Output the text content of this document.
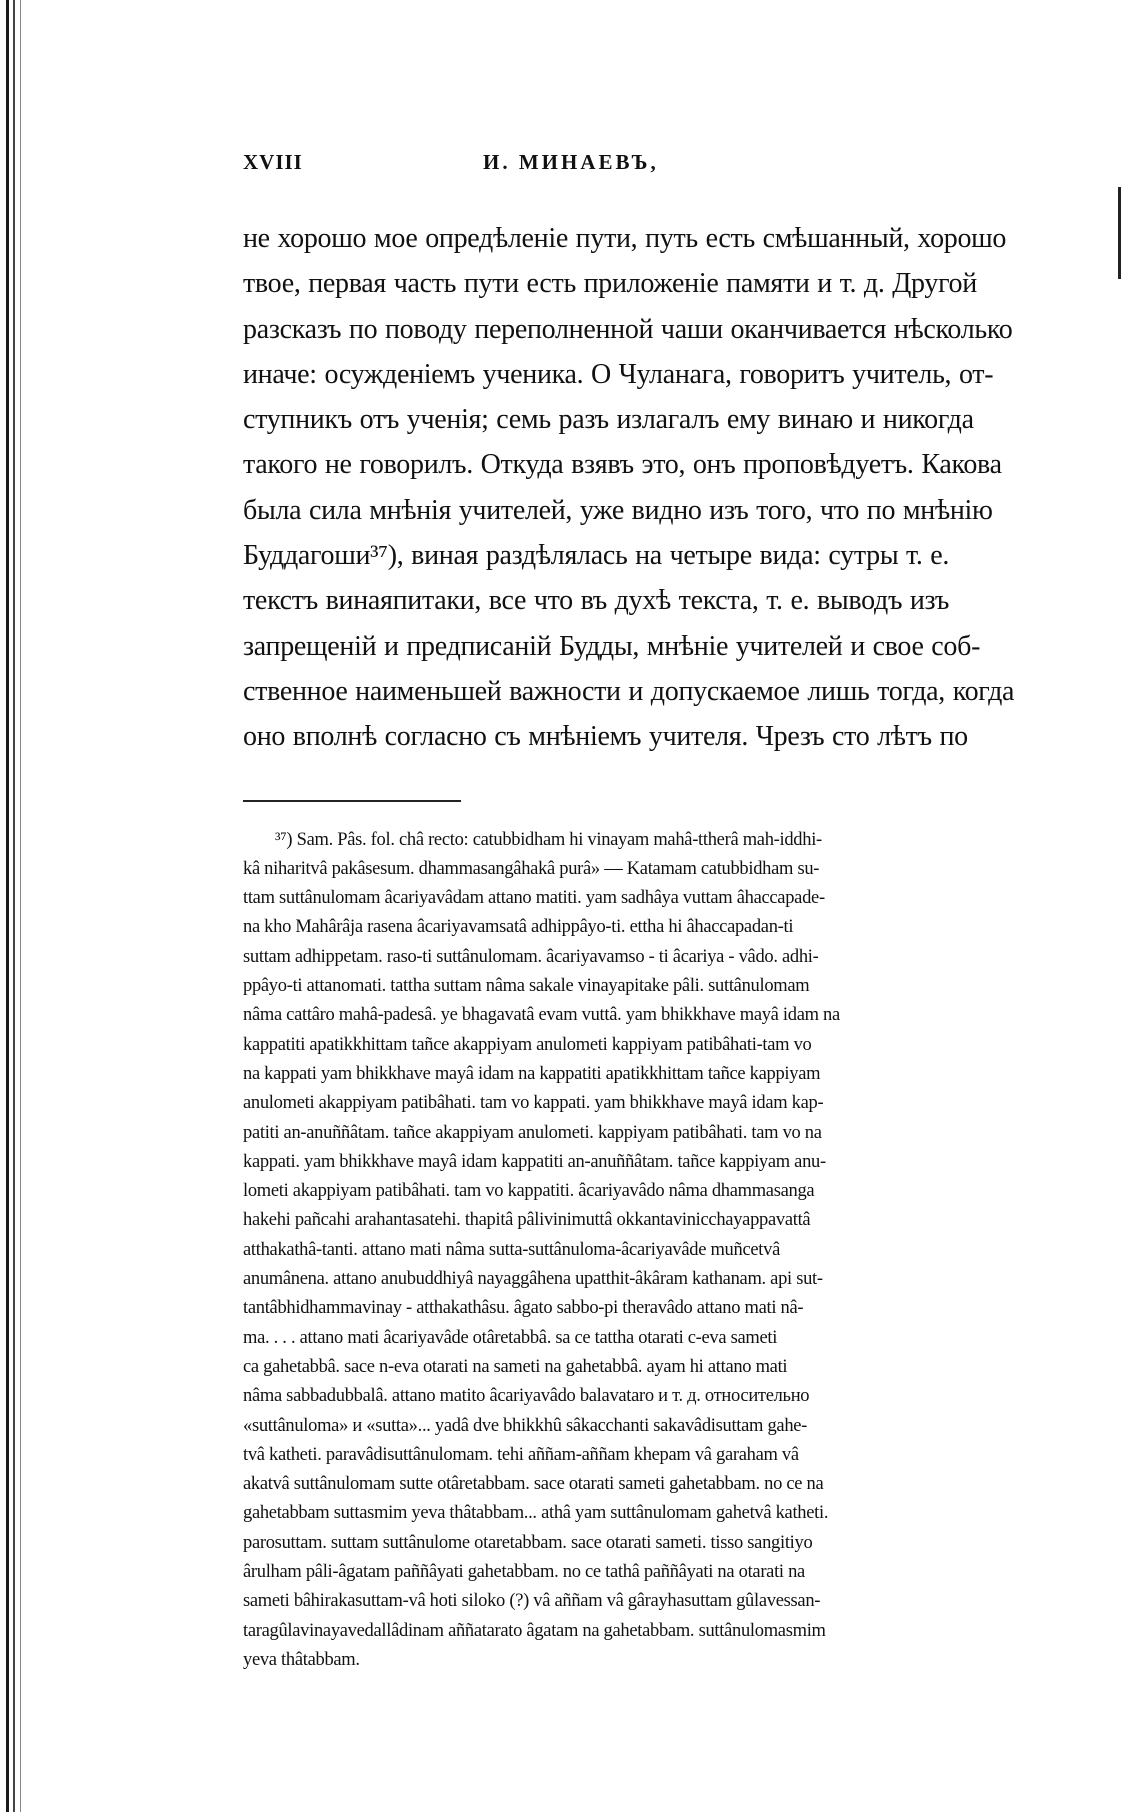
XVIII	И. МИНАЕВЪ,
не хорошо мое опредѣленіе пути, путь есть смѣшанный, хорошо
твое, первая часть пути есть приложеніе памяти и т. д. Другой
разсказъ по поводу переполненной чаши оканчивается нѣсколько
иначе: осужденіемъ ученика. О Чуланага, говоритъ учитель, от-
ступникъ отъ ученія; семь разъ излагалъ ему винаю и никогда
такого не говорилъ. Откуда взявъ это, онъ проповѣдуетъ. Какова
была сила мнѣнія учителей, уже видно изъ того, что по мнѣнію
Буддагоши³⁷), виная раздѣлялась на четыре вида: сутры т. е.
текстъ винаяпитаки, все что въ духѣ текста, т. е. выводъ изъ
запрещеній и предписаній Будды, мнѣніе учителей и свое соб-
ственное наименьшей важности и допускаемое лишь тогда, когда
оно вполнѣ согласно съ мнѣніемъ учителя. Чрезъ сто лѣтъ по
³⁷) Sam. Pâs. fol. châ recto: catubbidham hi vinayam mahâ-ttherâ mah-iddhi-
kâ niharitvâ pakâsesum. dhammasangâhakâ purâ» — Katamam catubbidham su-
ttam suttânulomam âcariyavâdam attano matiti. yam sadhâya vuttam âhaccapade-
na kho Mahârâja rasena âcariyavamsatâ adhippâyo-ti. ettha hi âhaccapadan-ti
suttam adhippetam. raso-ti suttânulomam. âcariyavamso - ti âcariya - vâdo. adhi-
ppâyo-ti attanomati. tattha suttam nâma sakale vinayapitake pâli. suttânulomam
nâma cattâro mahâ-padesâ. ye bhagavatâ evam vuttâ. yam bhikkhave mayâ idam na
kappatiti apatikkhittam tañce akappiyam anulometi kappiyam patibâhati-tam vo
na kappati yam bhikkhave mayâ idam na kappatiti apatikkhittam tañce kappiyam
anulometi akappiyam patibâhati. tam vo kappati. yam bhikkhave mayâ idam kap-
patiti an-anuññâtam. tañce akappiyam anulometi. kappiyam patibâhati. tam vo na
kappati. yam bhikkhave mayâ idam kappatiti an-anuññâtam. tañce kappiyam anu-
lometi akappiyam patibâhati. tam vo kappatiti. âcariyavâdo nâma dhammasanga
hakehi pañcahi arahantasatehi. thapitâ pâlivinimuttâ okkantavinicchayappavattâ
atthakathâ-tanti. attano mati nâma sutta-suttânuloma-âcariyavâde muñcetvâ
anumânena. attano anubuddhiyâ nayaggâhena upatthit-âkâram kathanam. api sut-
tantâbhidhammavinay - atthakathâsu. âgato sabbo-pi theravâdo attano mati nâ-
ma. . . . attano mati âcariyavâde otâretabbâ. sa ce tattha otarati c-eva sameti
ca gahetabbâ. sace n-eva otarati na sameti na gahetabbâ. ayam hi attano mati
nâma sabbadubbalâ. attano matito âcariyavâdo balavataro и т. д. относительно
«suttânuloma» и «sutta»... yadâ dve bhikkhû sâkacchanti sakavâdisuttam gahe-
tvâ katheti. paravâdisuttânulomam. tehi aññam-aññam khepam vâ garaham vâ
akatvâ suttânulomam sutte otâretabbam. sace otarati sameti gahetabbam. no ce na
gahetabbam suttasmim yeva thâtabbam... athâ yam suttânulomam gahetvâ katheti.
parosuttam. suttam suttânulome otaretabbam. sace otarati sameti. tisso sangitiyo
ârulham pâli-âgatam paññâyati gahetabbam. no ce tathâ paññâyati na otarati na
sameti bâhirakasuttam-vâ hoti siloko (?) vâ aññam vâ gârayhasuttam gûlavessan-
taragûlavinayavedallâdinam aññatarato âgatam na gahetabbam. suttânulomasmim
yeva thâtabbam.
